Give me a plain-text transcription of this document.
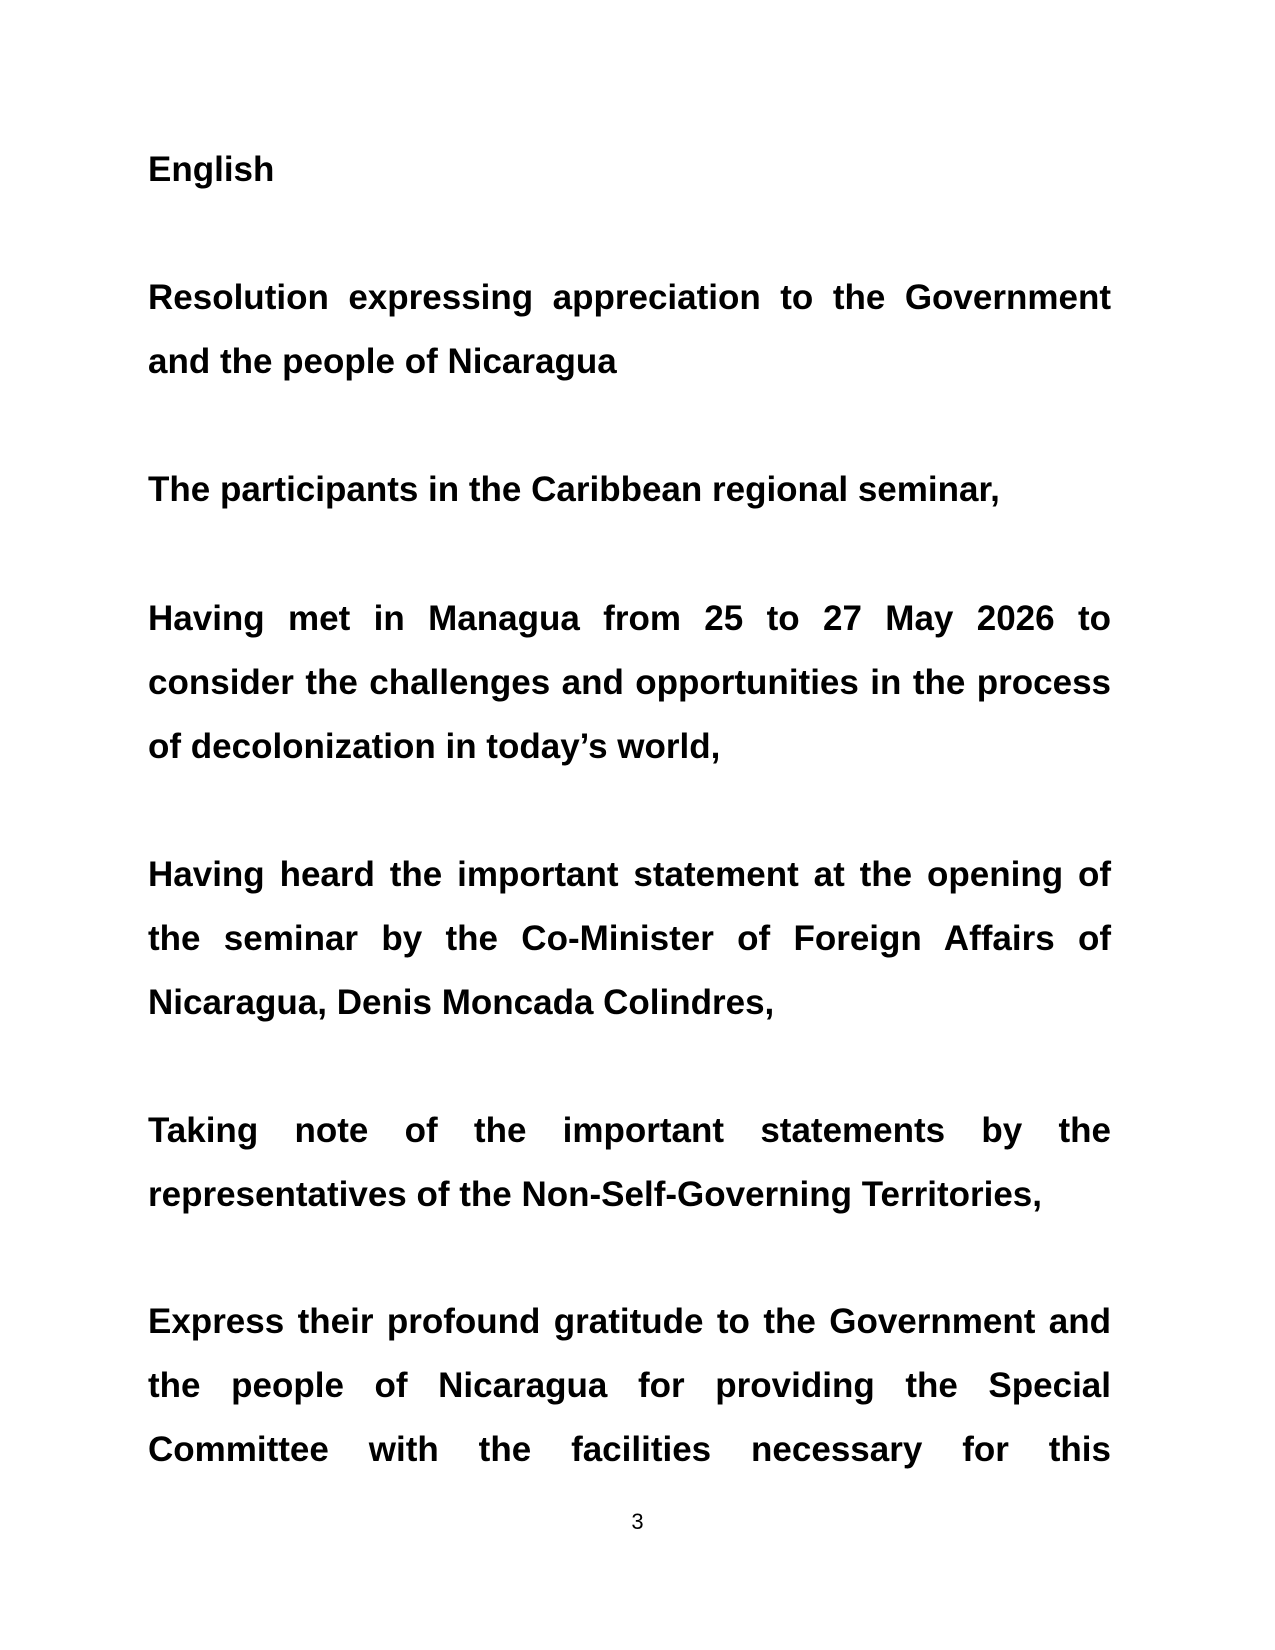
English

Resolution expressing appreciation to the Government and the people of Nicaragua

The participants in the Caribbean regional seminar,

Having met in Managua from 25 to 27 May 2026 to consider the challenges and opportunities in the process of decolonization in today’s world,

Having heard the important statement at the opening of the seminar by the Co-Minister of Foreign Affairs of Nicaragua, Denis Moncada Colindres,

Taking note of the important statements by the representatives of the Non-Self-Governing Territories,

Express their profound gratitude to the Government and the people of Nicaragua for providing the Special Committee with the facilities necessary for this

3
